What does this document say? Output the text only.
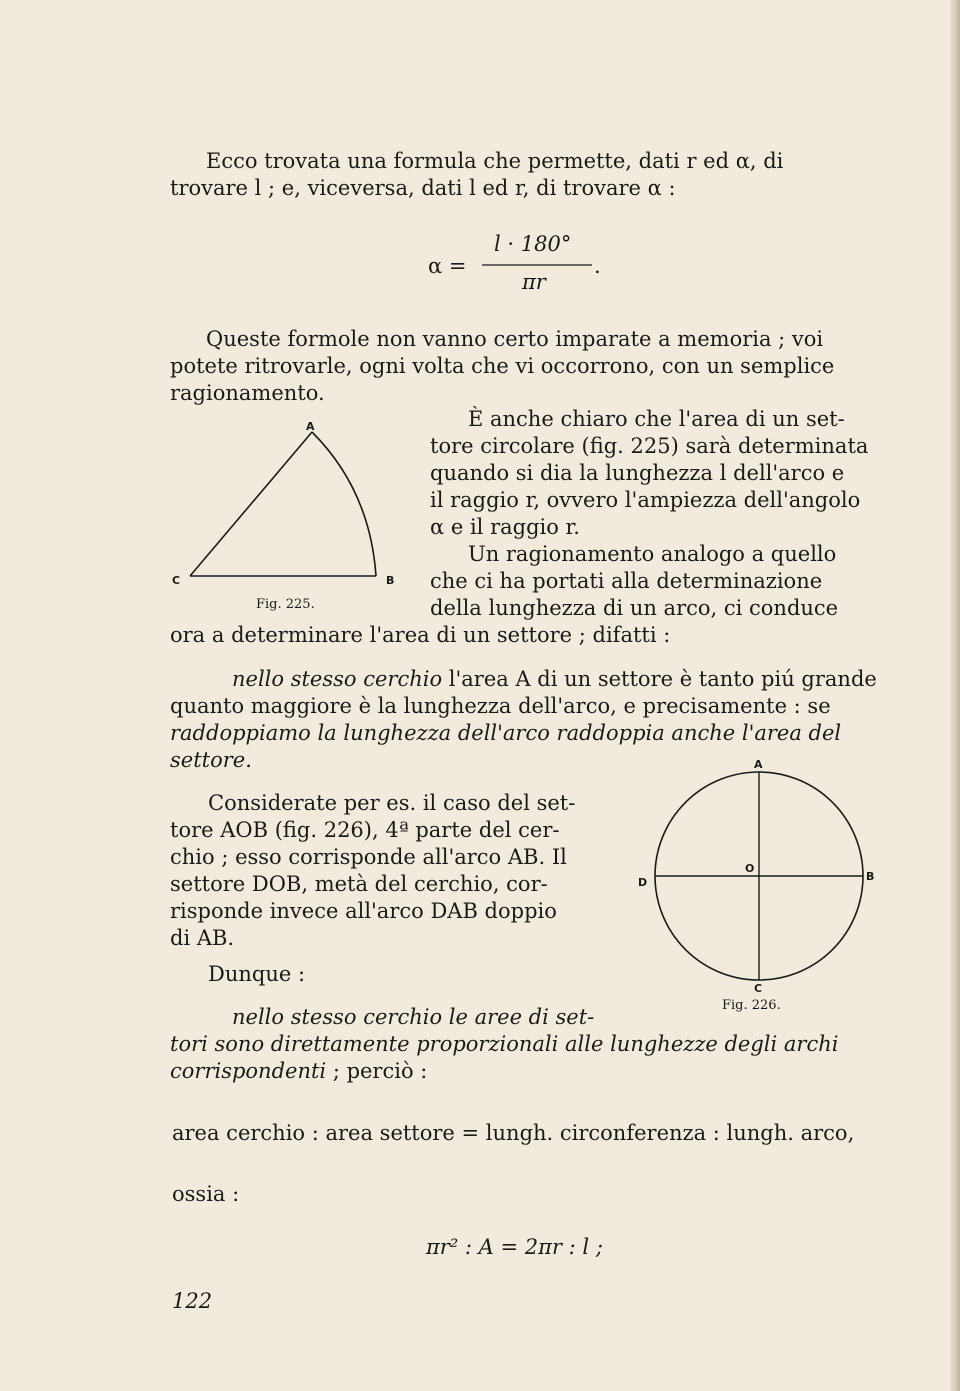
Ecco trovata una formula che permette, dati r ed α, di
trovare l ; e, viceversa, dati l ed r, di trovare α :
α =
l · 180°
πr
.
Queste formole non vanno certo imparate a memoria ; voi
potete ritrovarle, ogni volta che vi occorrono, con un semplice
ragionamento.
A
B
C
Fig. 225.
È anche chiaro che l'area di un set-
tore circolare (fig. 225) sarà determinata
quando si dia la lunghezza l dell'arco e
il raggio r, ovvero l'ampiezza dell'angolo
α e il raggio r.
Un ragionamento analogo a quello
che ci ha portati alla determinazione
della lunghezza di un arco, ci conduce
ora a determinare l'area di un settore ; difatti :
nello stesso cerchio l'area A di un settore è tanto piú grande
quanto maggiore è la lunghezza dell'arco, e precisamente : se
raddoppiamo la lunghezza dell'arco raddoppia anche l'area del
settore.
Considerate per es. il caso del set-
tore AOB (fig. 226), 4ª parte del cer-
chio ; esso corrisponde all'arco AB. Il
settore DOB, metà del cerchio, cor-
risponde invece all'arco DAB doppio
di AB.
A
B
C
D
O
Fig. 226.
Dunque :
nello stesso cerchio le aree di set-
tori sono direttamente proporzionali alle lunghezze degli archi
corrispondenti ; perciò :
area cerchio : area settore = lungh. circonferenza : lungh. arco,
ossia :
πr² : A = 2πr : l ;
122
